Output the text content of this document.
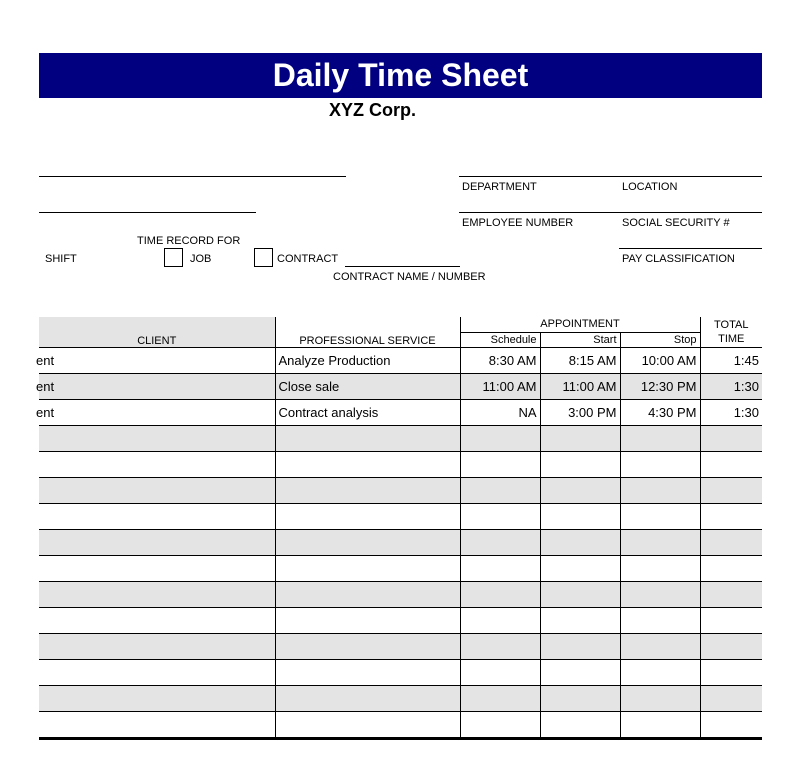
Daily Time Sheet
XYZ Corp.
DEPARTMENT	LOCATION
EMPLOYEE NUMBER	SOCIAL SECURITY #
PAY CLASSIFICATION
TIME RECORD FOR
SHIFT	JOB	CONTRACT
CONTRACT NAME / NUMBER
CLIENT	PROFESSIONAL SERVICE	APPOINTMENT			TOTAL
		Schedule	Start	Stop	TIME
ent	Analyze Production	8:30 AM	8:15 AM	10:00 AM	1:45
ent	Close sale	11:00 AM	11:00 AM	12:30 PM	1:30
ent	Contract analysis	NA	3:00 PM	4:30 PM	1:30
